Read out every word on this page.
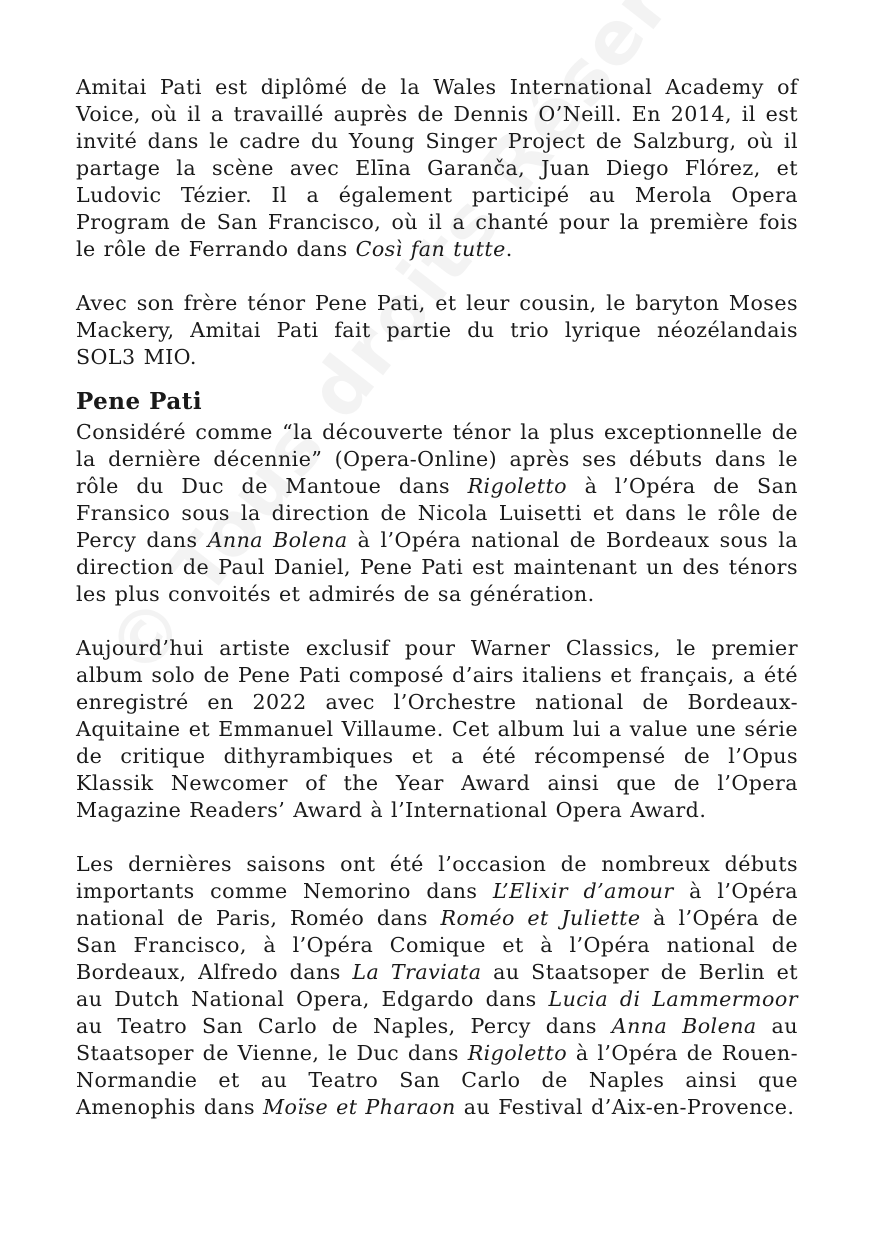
Amitai Pati est diplômé de la Wales International Academy of Voice, où il a travaillé auprès de Dennis O’Neill. En 2014, il est invité dans le cadre du Young Singer Project de Salzburg, où il partage la scène avec Elīna Garanča, Juan Diego Flórez, et Ludovic Tézier. Il a également participé au Merola Opera Program de San Francisco, où il a chanté pour la première fois le rôle de Ferrando dans Così fan tutte.

Avec son frère ténor Pene Pati, et leur cousin, le baryton Moses Mackery, Amitai Pati fait partie du trio lyrique néozélandais SOL3 MIO.

Pene Pati

Considéré comme “la découverte ténor la plus exceptionnelle de la dernière décennie” (Opera-Online) après ses débuts dans le rôle du Duc de Mantoue dans Rigoletto à l’Opéra de San Fransico sous la direction de Nicola Luisetti et dans le rôle de Percy dans Anna Bolena à l’Opéra national de Bordeaux sous la direction de Paul Daniel, Pene Pati est maintenant un des ténors les plus convoités et admirés de sa génération.

Aujourd’hui artiste exclusif pour Warner Classics, le premier album solo de Pene Pati composé d’airs italiens et français, a été enregistré en 2022 avec l’Orchestre national de Bordeaux-Aquitaine et Emmanuel Villaume. Cet album lui a value une série de critique dithyrambiques et a été récompensé de l’Opus Klassik Newcomer of the Year Award ainsi que de l’Opera Magazine Readers’ Award à l’International Opera Award.

Les dernières saisons ont été l’occasion de nombreux débuts importants comme Nemorino dans L’Elixir d’amour à l’Opéra national de Paris, Roméo dans Roméo et Juliette à l’Opéra de San Francisco, à l’Opéra Comique et à l’Opéra national de Bordeaux, Alfredo dans La Traviata au Staatsoper de Berlin et au Dutch National Opera, Edgardo dans Lucia di Lammermoor au Teatro San Carlo de Naples, Percy dans Anna Bolena au Staatsoper de Vienne, le Duc dans Rigoletto à l’Opéra de Rouen-Normandie et au Teatro San Carlo de Naples ainsi que Amenophis dans Moïse et Pharaon au Festival d’Aix-en-Provence.
